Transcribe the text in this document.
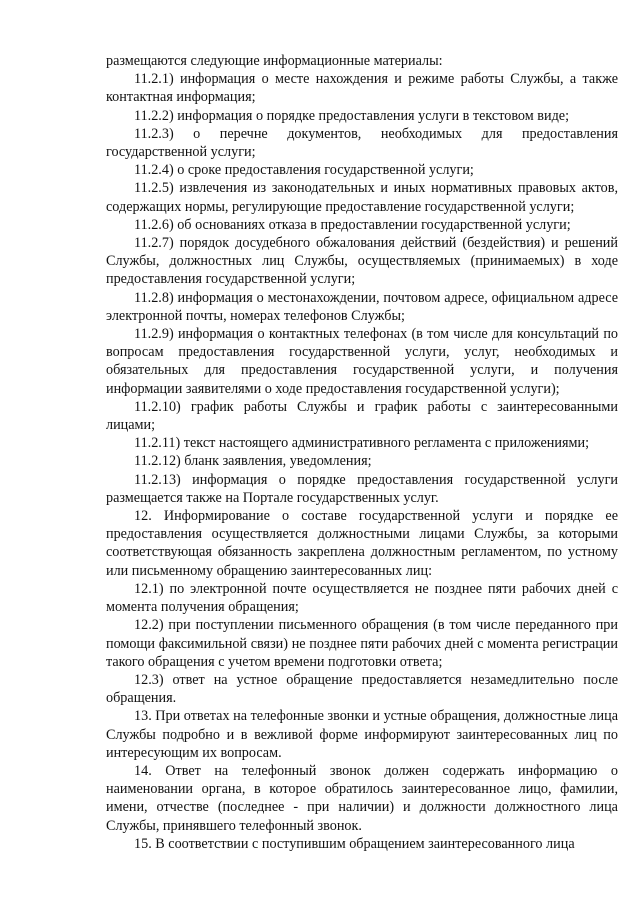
размещаются следующие информационные материалы:
11.2.1) информация о месте нахождения и режиме работы Службы, а также контактная информация;
11.2.2) информация о порядке предоставления услуги в текстовом виде;
11.2.3) о перечне документов, необходимых для предоставления государственной услуги;
11.2.4) о сроке предоставления государственной услуги;
11.2.5) извлечения из законодательных и иных нормативных правовых актов, содержащих нормы, регулирующие предоставление государственной услуги;
11.2.6) об основаниях отказа в предоставлении государственной услуги;
11.2.7) порядок досудебного обжалования действий (бездействия) и решений Службы, должностных лиц Службы, осуществляемых (принимаемых) в ходе предоставления государственной услуги;
11.2.8) информация о местонахождении, почтовом адресе, официальном адресе электронной почты, номерах телефонов Службы;
11.2.9) информация о контактных телефонах (в том числе для консультаций по вопросам предоставления государственной услуги, услуг, необходимых и обязательных для предоставления государственной услуги, и получения информации заявителями о ходе предоставления государственной услуги);
11.2.10) график работы Службы и график работы с заинтересованными лицами;
11.2.11) текст настоящего административного регламента с приложениями;
11.2.12) бланк заявления, уведомления;
11.2.13) информация о порядке предоставления государственной услуги размещается также на Портале государственных услуг.
12. Информирование о составе государственной услуги и порядке ее предоставления осуществляется должностными лицами Службы, за которыми соответствующая обязанность закреплена должностным регламентом, по устному или письменному обращению заинтересованных лиц:
12.1) по электронной почте осуществляется не позднее пяти рабочих дней с момента получения обращения;
12.2) при поступлении письменного обращения (в том числе переданного при помощи факсимильной связи) не позднее пяти рабочих дней с момента регистрации такого обращения с учетом времени подготовки ответа;
12.3) ответ на устное обращение предоставляется незамедлительно после обращения.
13. При ответах на телефонные звонки и устные обращения, должностные лица Службы подробно и в вежливой форме информируют заинтересованных лиц по интересующим их вопросам.
14. Ответ на телефонный звонок должен содержать информацию о наименовании органа, в которое обратилось заинтересованное лицо, фамилии, имени, отчестве (последнее - при наличии) и должности должностного лица Службы, принявшего телефонный звонок.
15. В соответствии с поступившим обращением заинтересованного лица
